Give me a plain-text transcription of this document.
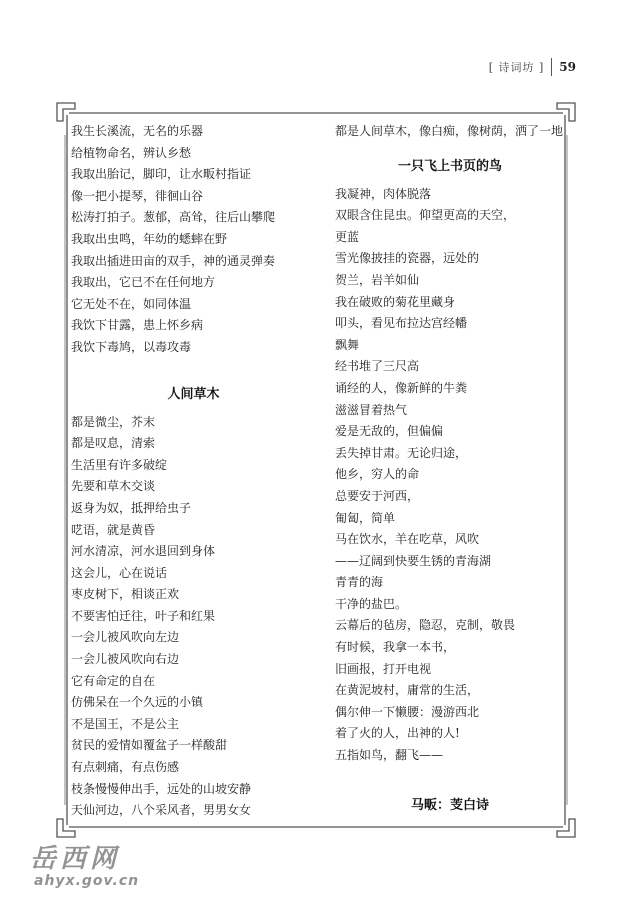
[ 诗词坊 ] 59
我生长溪流，无名的乐器
给植物命名，辨认乡愁
我取出胎记，脚印，让水畈村指证
像一把小提琴，徘徊山谷
松涛打拍子。葱郁，高耸，往后山攀爬
我取出虫鸣，年幼的蟋蟀在野
我取出插进田亩的双手，神的通灵弹奏
我取出，它已不在任何地方
它无处不在，如同体温
我饮下甘露，患上怀乡病
我饮下毒鸠，以毒攻毒
人间草木
都是微尘，芥末
都是叹息，清索
生活里有许多破绽
先要和草木交谈
返身为奴，抵押给虫子
呓语，就是黄昏
河水清凉，河水退回到身体
这会儿，心在说话
枣皮树下，相谈正欢
不要害怕迁往，叶子和红果
一会儿被风吹向左边
一会儿被风吹向右边
它有命定的自在
仿佛呆在一个久远的小镇
不是国王，不是公主
贫民的爱情如覆盆子一样酸甜
有点刺痛，有点伤感
枝条慢慢伸出手，远处的山坡安静
天仙河边，八个采风者，男男女女
都是人间草木，像白痴，像树荫，洒了一地
一只飞上书页的鸟
我凝神，肉体脱落
双眼含住昆虫。仰望更高的天空，
更蓝
雪光像披挂的瓷器，远处的
贺兰，岩羊如仙
我在破败的菊花里藏身
叩头，看见布拉达宫经幡
飘舞
经书堆了三尺高
诵经的人，像新鲜的牛粪
滋滋冒着热气
爱是无敌的，但偏偏
丢失掉甘肃。无论归途，
他乡，穷人的命
总要安于河西，
匍匐，简单
马在饮水，羊在吃草，风吹
——辽阔到快要生锈的青海湖
青青的海
干净的盐巴。
云幕后的毡房，隐忍，克制，敬畏
有时候，我拿一本书，
旧画报，打开电视
在黄泥坡村，庸常的生活，
偶尔伸一下懒腰：漫游西北
着了火的人，出神的人!
五指如鸟，翻飞——
马畈：芰白诗
岳西网
ahyx.gov.cn
